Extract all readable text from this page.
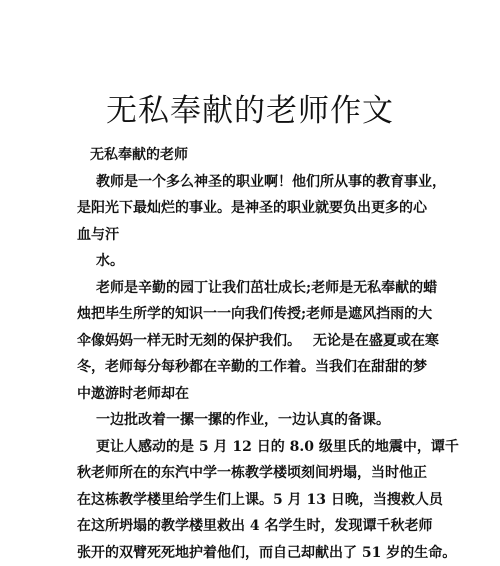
无私奉献的老师作文
无私奉献的老师
教师是一个多么神圣的职业啊！他们所从事的教育事业，
是阳光下最灿烂的事业。是神圣的职业就要负出更多的心
血与汗
水。
老师是辛勤的园丁让我们茁壮成长;老师是无私奉献的蜡
烛把毕生所学的知识一一向我们传授;老师是遮风挡雨的大
伞像妈妈一样无时无刻的保护我们。　 无论是在盛夏或在寒
冬，老师每分每秒都在辛勤的工作着。当我们在甜甜的梦
中遨游时老师却在
一边批改着一摞一摞的作业，一边认真的备课。
更让人感动的是 5 月 12 日的 8.0 级里氏的地震中，谭千
秋老师所在的东汽中学一栋教学楼顷刻间坍塌，当时他正
在这栋教学楼里给学生们上课。5 月 13 日晚，当搜救人员
在这所坍塌的教学楼里救出 4 名学生时，发现谭千秋老师
张开的双臂死死地护着他们，而自己却献出了 51 岁的生命。
